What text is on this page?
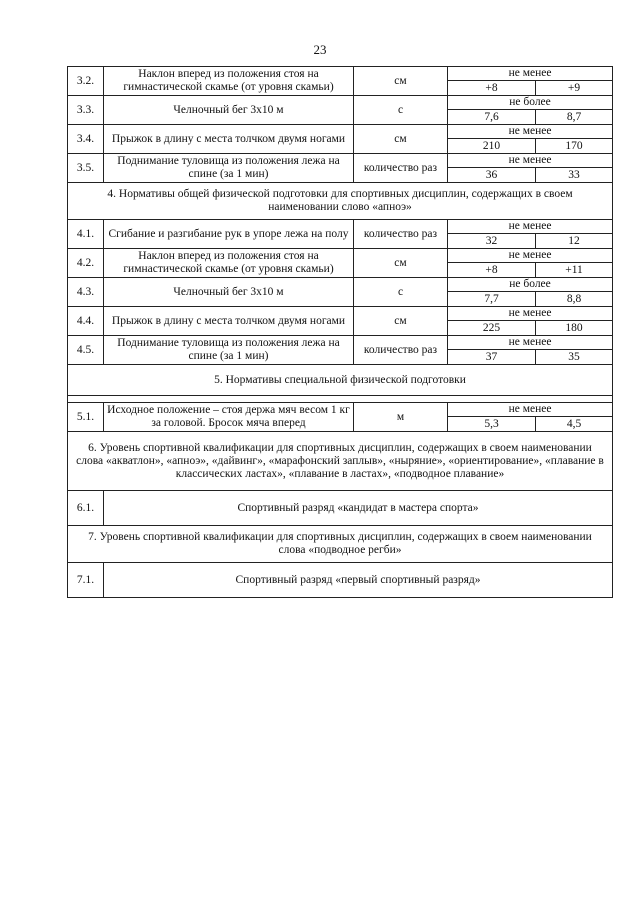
23
3.2.	Наклон вперед из положения стоя на гимнастической скамье (от уровня скамьи)	см	не менее	
			+8	+9
3.3.	Челночный бег 3х10 м	с	не более	
			7,6	8,7
3.4.	Прыжок в длину с места толчком двумя ногами	см	не менее	
			210	170
3.5.	Поднимание туловища из положения лежа на спине (за 1 мин)	количество раз	не менее	
			36	33
4. Нормативы общей физической подготовки для спортивных дисциплин, содержащих в своем наименовании слово «апноэ»				
4.1.	Сгибание и разгибание рук в упоре лежа на полу	количество раз	не менее	
			32	12
4.2.	Наклон вперед из положения стоя на гимнастической скамье (от уровня скамьи)	см	не менее	
			+8	+11
4.3.	Челночный бег 3х10 м	с	не более	
			7,7	8,8
4.4.	Прыжок в длину с места толчком двумя ногами	см	не менее	
			225	180
4.5.	Поднимание туловища из положения лежа на спине (за 1 мин)	количество раз	не менее	
			37	35
5. Нормативы специальной физической подготовки				

5.1.	Исходное положение – стоя держа мяч весом 1 кг за головой. Бросок мяча вперед	м	не менее	
			5,3	4,5
6. Уровень спортивной квалификации для спортивных дисциплин, содержащих в своем наименовании слова «акватлон», «апноэ», «дайвинг», «марафонский заплыв», «ныряние», «ориентирование», «плавание в классических ластах», «плавание в ластах», «подводное плавание»				
6.1.	Спортивный разряд «кандидат в мастера спорта»			
7. Уровень спортивной квалификации для спортивных дисциплин, содержащих в своем наименовании слова «подводное регби»				
7.1.	Спортивный разряд «первый спортивный разряд»			
